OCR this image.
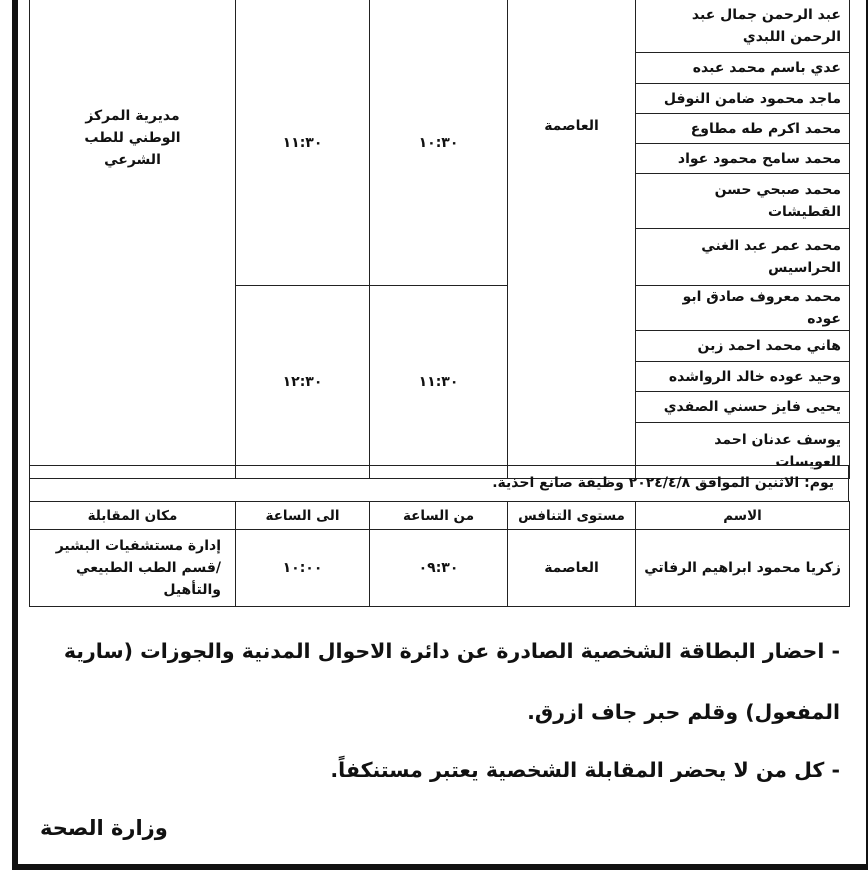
عبد الرحمن جمال عبد الرحمن اللبدي	العاصمة	١٠:٣٠	١١:٣٠	مديرية المركز الوطني للطب الشرعي
عدي باسم محمد عبده				
ماجد محمود ضامن النوفل				
محمد اكرم طه مطاوع				
محمد سامح محمود عواد				
محمد صبحي حسن القطيشات				
محمد عمر عبد الغني الحراسيس				
محمد معروف صادق ابو عوده		١١:٣٠	١٢:٣٠	
هاني محمد احمد زبن				
وحيد عوده خالد الرواشده				
يحيى فايز حسني الصفدي				
يوسف عدنان احمد العويسات				
يوم: الاثنين الموافق ٢٠٢٤/٤/٨ وظيفة صانع احذية.
الاسم	مستوى التنافس	من الساعة	الى الساعة	مكان المقابلة
زكريا محمود ابراهيم الرفاتي	العاصمة	٠٩:٣٠	١٠:٠٠	إدارة مستشفيات البشير /قسم الطب الطبيعي والتأهيل
- احضار البطاقة الشخصية الصادرة عن دائرة الاحوال المدنية والجوزات (سارية
المفعول) وقلم حبر جاف ازرق.
- كل من لا يحضر المقابلة الشخصية يعتبر مستنكفاً.
وزارة الصحة
